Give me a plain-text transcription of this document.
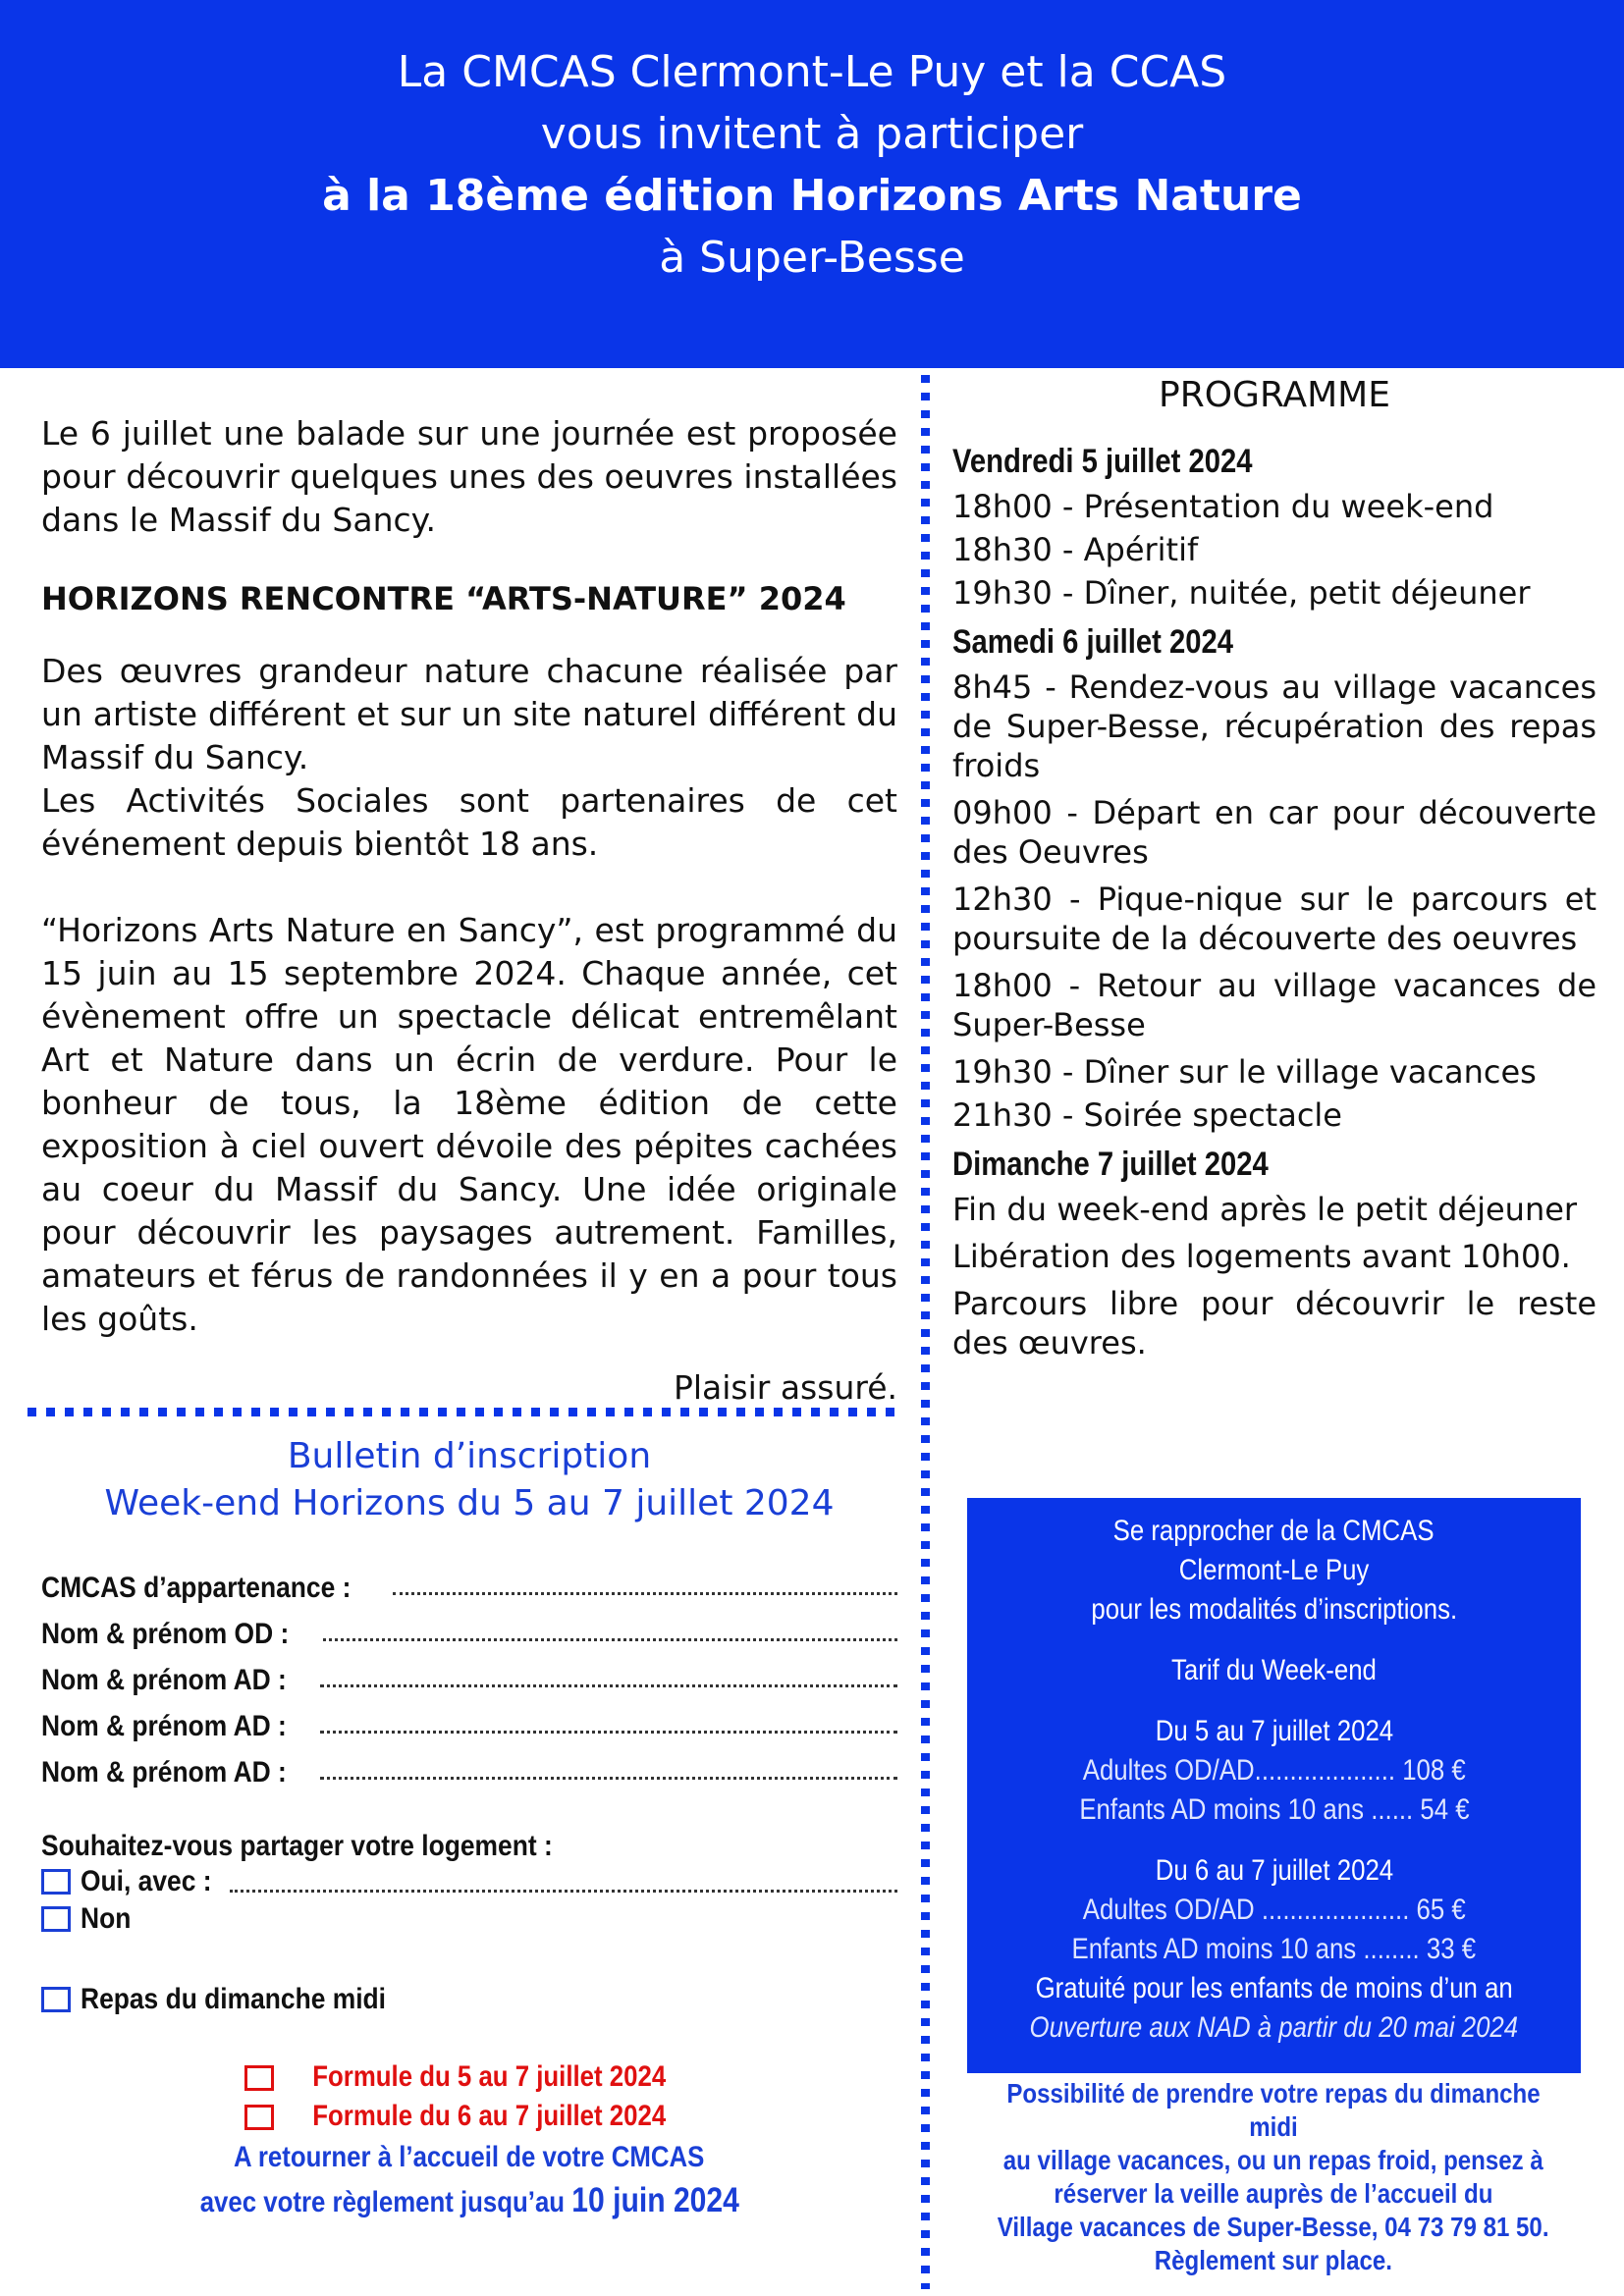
La CMCAS Clermont-Le Puy et la CCAS
vous invitent à participer
à la 18ème édition Horizons Arts Nature
à Super-Besse

Le 6 juillet une balade sur une journée est proposée pour découvrir quelques unes des oeuvres installées dans le Massif du Sancy.

HORIZONS RENCONTRE “ARTS-NATURE” 2024

Des œuvres grandeur nature chacune réalisée par un artiste différent et sur un site naturel différent du Massif du Sancy.

Les Activités Sociales sont partenaires de cet événement depuis bientôt 18 ans.

“Horizons Arts Nature en Sancy”, est programmé du 15 juin au 15 septembre 2024. Chaque année, cet évènement offre un spectacle délicat entremêlant Art et Nature dans un écrin de verdure. Pour le bonheur de tous, la 18ème édition de cette exposition à ciel ouvert dévoile des pépites cachées au coeur du Massif du Sancy. Une idée originale pour découvrir les paysages autrement. Familles, amateurs et férus de randonnées il y en a pour tous les goûts.

Plaisir assuré.

PROGRAMME
Vendredi 5 juillet 2024
18h00 - Présentation du week-end
18h30 - Apéritif
19h30 - Dîner, nuitée, petit déjeuner
Samedi 6 juillet 2024
8h45 - Rendez-vous au village vacances de Super-Besse, récupération des repas froids
09h00 - Départ en car pour découverte des Oeuvres
12h30 - Pique-nique sur le parcours et poursuite de la découverte des oeuvres
18h00 - Retour au village vacances de Super-Besse
19h30 - Dîner sur le village vacances
21h30 - Soirée spectacle
Dimanche 7 juillet 2024
Fin du week-end après le petit déjeuner
Libération des logements avant 10h00.
Parcours libre pour découvrir le reste des œuvres.
Bulletin d’inscription
Week-end Horizons du 5 au 7 juillet 2024
CMCAS d’appartenance :
Nom & prénom OD :
Nom & prénom AD :
Nom & prénom AD :
Nom & prénom AD :
Souhaitez-vous partager votre logement :
Oui, avec :
Non
Repas du dimanche midi
Formule du 5 au 7 juillet 2024
Formule du 6 au 7 juillet 2024
A retourner à l’accueil de votre CMCAS
avec votre règlement jusqu’au 10 juin 2024
Se rapprocher de la CMCAS
Clermont-Le Puy
pour les modalités d’inscriptions.
Tarif du Week-end
Du 5 au 7 juillet 2024
Adultes OD/AD.................... 108 €
Enfants AD moins 10 ans ...... 54 €
Du 6 au 7 juillet 2024
Adultes OD/AD ..................... 65 €
Enfants AD moins 10 ans ........ 33 €
Gratuité pour les enfants de moins d’un an
Ouverture aux NAD à partir du 20 mai 2024
Possibilité de prendre votre repas du dimanche midi
au village vacances, ou un repas froid, pensez à
réserver la veille auprès de l’accueil du
Village vacances de Super-Besse, 04 73 79 81 50.
Règlement sur place.
